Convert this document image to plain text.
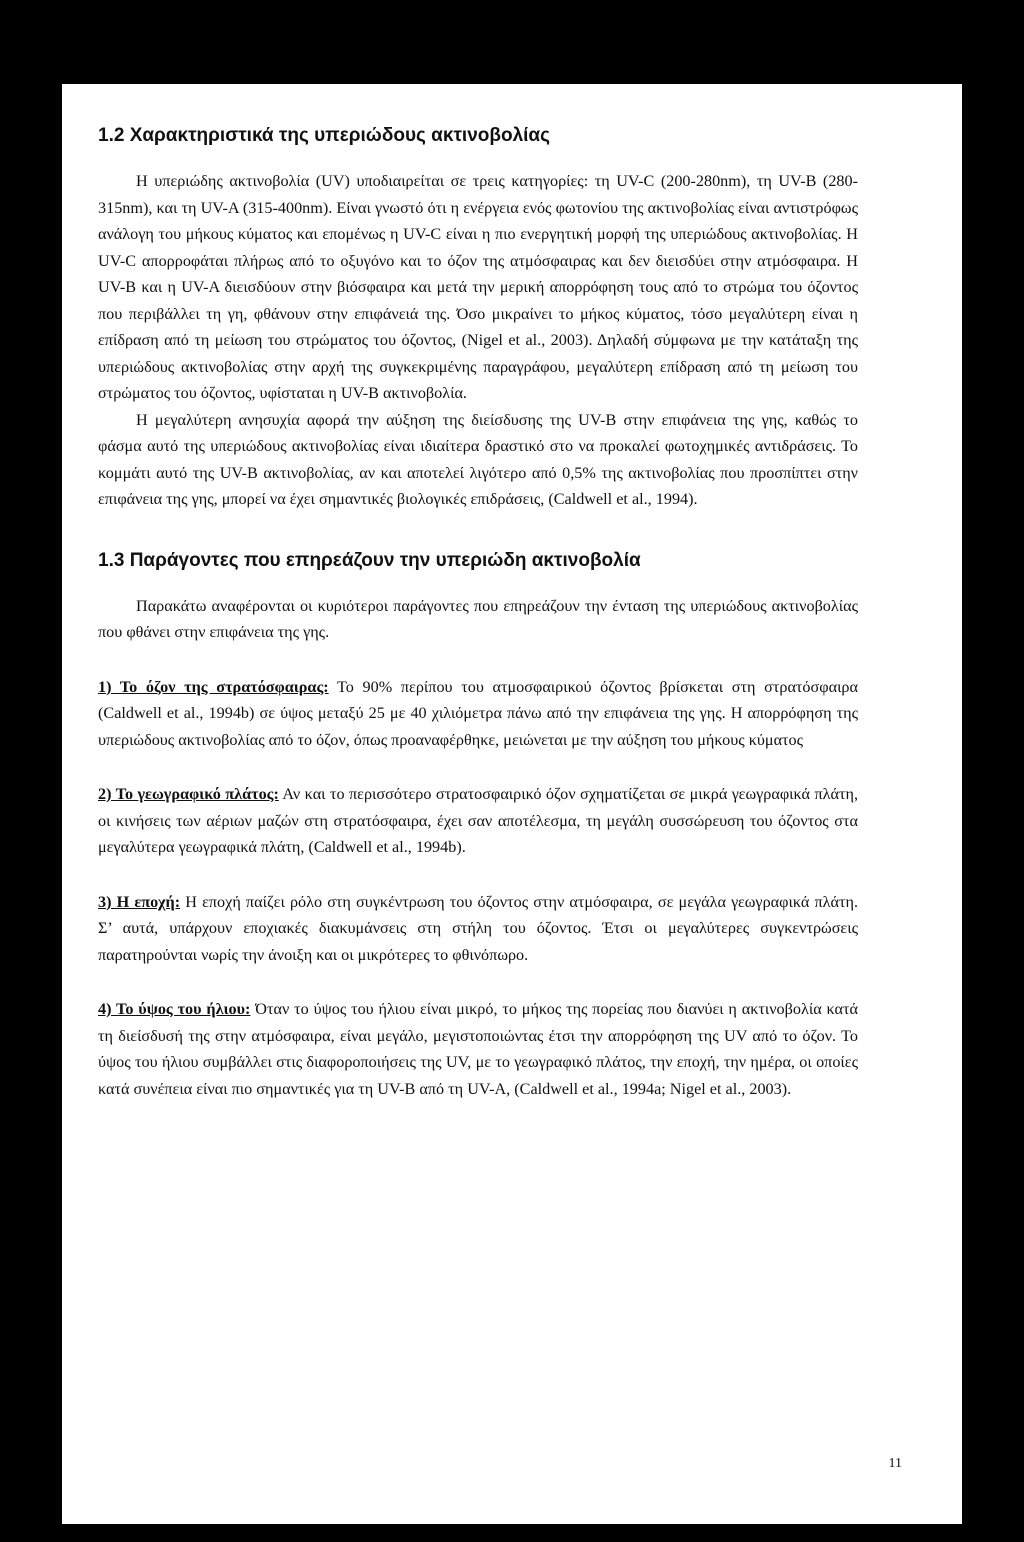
1.2 Χαρακτηριστικά της υπεριώδους ακτινοβολίας

Η υπεριώδης ακτινοβολία (UV) υποδιαιρείται σε τρεις κατηγορίες: τη UV-C (200-280nm), τη UV-B (280-315nm), και τη UV-A (315-400nm). Είναι γνωστό ότι η ενέργεια ενός φωτονίου της ακτινοβολίας είναι αντιστρόφως ανάλογη του μήκους κύματος και επομένως η UV-C είναι η πιο ενεργητική μορφή της υπεριώδους ακτινοβολίας. Η UV-C απορροφάται πλήρως από το οξυγόνο και το όζον της ατμόσφαιρας και δεν διεισδύει στην ατμόσφαιρα. Η UV-B και η UV-A διεισδύουν στην βιόσφαιρα και μετά την μερική απορρόφηση τους από το στρώμα του όζοντος που περιβάλλει τη γη, φθάνουν στην επιφάνειά της. Όσο μικραίνει το μήκος κύματος, τόσο μεγαλύτερη είναι η επίδραση από τη μείωση του στρώματος του όζοντος, (Nigel et al., 2003). Δηλαδή σύμφωνα με την κατάταξη της υπεριώδους ακτινοβολίας στην αρχή της συγκεκριμένης παραγράφου, μεγαλύτερη επίδραση από τη μείωση του στρώματος του όζοντος, υφίσταται η UV-B ακτινοβολία.

Η μεγαλύτερη ανησυχία αφορά την αύξηση της διείσδυσης της UV-B στην επιφάνεια της γης, καθώς το φάσμα αυτό της υπεριώδους ακτινοβολίας είναι ιδιαίτερα δραστικό στο να προκαλεί φωτοχημικές αντιδράσεις. Το κομμάτι αυτό της UV-B ακτινοβολίας, αν και αποτελεί λιγότερο από 0,5% της ακτινοβολίας που προσπίπτει στην επιφάνεια της γης, μπορεί να έχει σημαντικές βιολογικές επιδράσεις, (Caldwell et al., 1994).

1.3 Παράγοντες που επηρεάζουν την υπεριώδη ακτινοβολία

Παρακάτω αναφέρονται οι κυριότεροι παράγοντες που επηρεάζουν την ένταση της υπεριώδους ακτινοβολίας που φθάνει στην επιφάνεια της γης.

1) Το όζον της στρατόσφαιρας: Το 90% περίπου του ατμοσφαιρικού όζοντος βρίσκεται στη στρατόσφαιρα (Caldwell et al., 1994b) σε ύψος μεταξύ 25 με 40 χιλιόμετρα πάνω από την επιφάνεια της γης. Η απορρόφηση της υπεριώδους ακτινοβολίας από το όζον, όπως προαναφέρθηκε, μειώνεται με την αύξηση του μήκους κύματος

2) Το γεωγραφικό πλάτος: Αν και το περισσότερο στρατοσφαιρικό όζον σχηματίζεται σε μικρά γεωγραφικά πλάτη, οι κινήσεις των αέριων μαζών στη στρατόσφαιρα, έχει σαν αποτέλεσμα, τη μεγάλη συσσώρευση του όζοντος στα μεγαλύτερα γεωγραφικά πλάτη, (Caldwell et al., 1994b).

3) Η εποχή: Η εποχή παίζει ρόλο στη συγκέντρωση του όζοντος στην ατμόσφαιρα, σε μεγάλα γεωγραφικά πλάτη. Σ’ αυτά, υπάρχουν εποχιακές διακυμάνσεις στη στήλη του όζοντος. Έτσι οι μεγαλύτερες συγκεντρώσεις παρατηρούνται νωρίς την άνοιξη και οι μικρότερες το φθινόπωρο.

4) Το ύψος του ήλιου: Όταν το ύψος του ήλιου είναι μικρό, το μήκος της πορείας που διανύει η ακτινοβολία κατά τη διείσδυσή της στην ατμόσφαιρα, είναι μεγάλο, μεγιστοποιώντας έτσι την απορρόφηση της UV από το όζον. Το ύψος του ήλιου συμβάλλει στις διαφοροποιήσεις της UV, με το γεωγραφικό πλάτος, την εποχή, την ημέρα, οι οποίες κατά συνέπεια είναι πιο σημαντικές για τη UV-B από τη UV-A, (Caldwell et al., 1994a; Nigel et al., 2003).

11
